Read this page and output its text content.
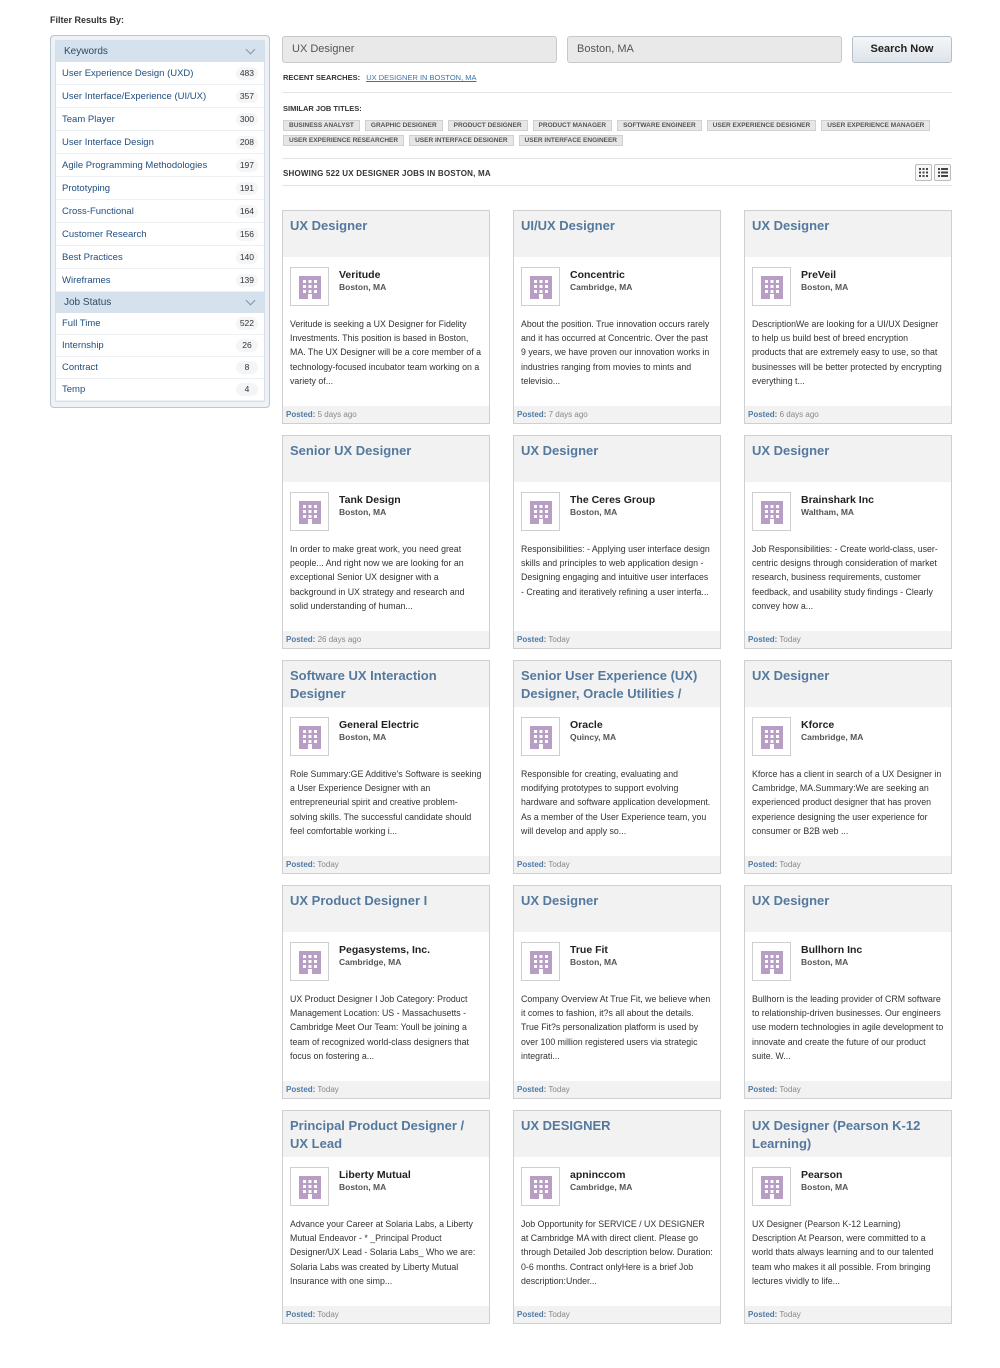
Filter Results By:
Keywords
User Experience Design (UXD)	483
User Interface/Experience (UI/UX)	357
Team Player	300
User Interface Design	208
Agile Programming Methodologies	197
Prototyping	191
Cross-Functional	164
Customer Research	156
Best Practices	140
Wireframes	139
Job Status
Full Time	522
Internship	26
Contract	8
Temp	4
UX Designer	Boston, MA	Search Now
RECENT SEARCHES: UX DESIGNER IN BOSTON, MA
SIMILAR JOB TITLES:
BUSINESS ANALYST	GRAPHIC DESIGNER	PRODUCT DESIGNER	PRODUCT MANAGER	SOFTWARE ENGINEER	USER EXPERIENCE DESIGNER	USER EXPERIENCE MANAGER
USER EXPERIENCE RESEARCHER	USER INTERFACE DESIGNER	USER INTERFACE ENGINEER
SHOWING 522 UX DESIGNER JOBS IN BOSTON, MA
UX Designer
Veritude
Boston, MA
Veritude is seeking a UX Designer for Fidelity Investments. This position is based in Boston, MA. The UX Designer will be a core member of a technology-focused incubator team working on a variety of...
Posted: 5 days ago
UI/UX Designer
Concentric
Cambridge, MA
About the position. True innovation occurs rarely and it has occurred at Concentric. Over the past 9 years, we have proven our innovation works in industries ranging from movies to mints and televisio...
Posted: 7 days ago
UX Designer
PreVeil
Boston, MA
DescriptionWe are looking for a UI/UX Designer to help us build best of breed encryption products that are extremely easy to use, so that businesses will be better protected by encrypting everything t...
Posted: 6 days ago
Senior UX Designer
Tank Design
Boston, MA
In order to make great work, you need great people... And right now we are looking for an exceptional Senior UX designer with a background in UX strategy and research and solid understanding of human...
Posted: 26 days ago
UX Designer
The Ceres Group
Boston, MA
Responsibilities: - Applying user interface design skills and principles to web application design - Designing engaging and intuitive user interfaces - Creating and iteratively refining a user interfa...
Posted: Today
UX Designer
Brainshark Inc
Waltham, MA
Job Responsibilities: - Create world-class, user-centric designs through consideration of market research, business requirements, customer feedback, and usability study findings - Clearly convey how a...
Posted: Today
Software UX Interaction Designer
General Electric
Boston, MA
Role Summary:GE Additive's Software is seeking a User Experience Designer with an entrepreneurial spirit and creative problem-solving skills. The successful candidate should feel comfortable working i...
Posted: Today
Senior User Experience (UX) Designer, Oracle Utilities /
Oracle
Quincy, MA
Responsible for creating, evaluating and modifying prototypes to support evolving hardware and software application development. As a member of the User Experience team, you will develop and apply so...
Posted: Today
UX Designer
Kforce
Cambridge, MA
Kforce has a client in search of a UX Designer in Cambridge, MA.Summary:We are seeking an experienced product designer that has proven experience designing the user experience for consumer or B2B web ...
Posted: Today
UX Product Designer I
Pegasystems, Inc.
Cambridge, MA
UX Product Designer I Job Category: Product Management Location: US - Massachusetts - Cambridge Meet Our Team: Youll be joining a team of recognized world-class designers that focus on fostering a...
Posted: Today
UX Designer
True Fit
Boston, MA
Company Overview At True Fit, we believe when it comes to fashion, it?s all about the details. True Fit?s personalization platform is used by over 100 million registered users via strategic integrati...
Posted: Today
UX Designer
Bullhorn Inc
Boston, MA
Bullhorn is the leading provider of CRM software to relationship-driven businesses. Our engineers use modern technologies in agile development to innovate and create the future of our product suite. W...
Posted: Today
Principal Product Designer / UX Lead
Liberty Mutual
Boston, MA
Advance your Career at Solaria Labs, a Liberty Mutual Endeavor - * _Principal Product Designer/UX Lead - Solaria Labs_ Who we are: Solaria Labs was created by Liberty Mutual Insurance with one simp...
Posted: Today
UX DESIGNER
apninccom
Cambridge, MA
Job Opportunity for SERVICE / UX DESIGNER at Cambridge MA with direct client. Please go through Detailed Job description below. Duration: 0-6 months. Contract onlyHere is a brief Job description:Under...
Posted: Today
UX Designer (Pearson K-12 Learning)
Pearson
Boston, MA
UX Designer (Pearson K-12 Learning) Description At Pearson, were committed to a world thats always learning and to our talented team who makes it all possible. From bringing lectures vividly to life...
Posted: Today
